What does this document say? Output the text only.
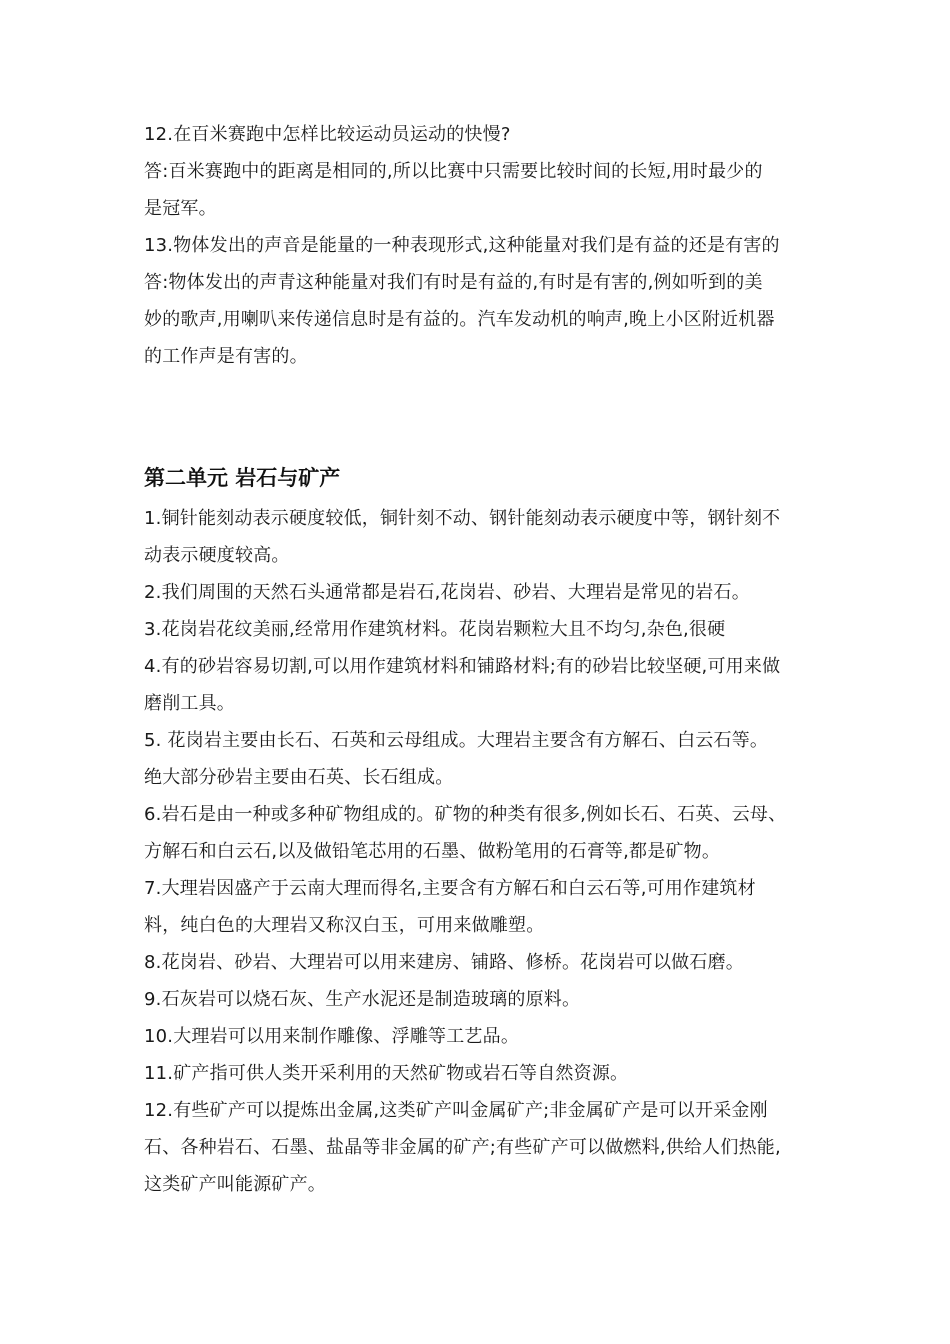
12.在百米赛跑中怎样比较运动员运动的快慢?
答:百米赛跑中的距离是相同的,所以比赛中只需要比较时间的长短,用时最少的
是冠军。
13.物体发出的声音是能量的一种表现形式,这种能量对我们是有益的还是有害的
答:物体发出的声青这种能量对我们有时是有益的,有时是有害的,例如听到的美
妙的歌声,用喇叭来传递信息时是有益的。汽车发动机的响声,晚上小区附近机器
的工作声是有害的。
第二单元 岩石与矿产
1.铜针能刻动表示硬度较低，铜针刻不动、钢针能刻动表示硬度中等，钢针刻不
动表示硬度较高。
2.我们周围的天然石头通常都是岩石,花岗岩、砂岩、大理岩是常见的岩石。
3.花岗岩花纹美丽,经常用作建筑材料。花岗岩颗粒大且不均匀,杂色,很硬
4.有的砂岩容易切割,可以用作建筑材料和铺路材料;有的砂岩比较坚硬,可用来做
磨削工具。
5. 花岗岩主要由长石、石英和云母组成。大理岩主要含有方解石、白云石等。
绝大部分砂岩主要由石英、长石组成。
6.岩石是由一种或多种矿物组成的。矿物的种类有很多,例如长石、石英、云母、
方解石和白云石,以及做铅笔芯用的石墨、做粉笔用的石膏等,都是矿物。
7.大理岩因盛产于云南大理而得名,主要含有方解石和白云石等,可用作建筑材
料，纯白色的大理岩又称汉白玉，可用来做雕塑。
8.花岗岩、砂岩、大理岩可以用来建房、铺路、修桥。花岗岩可以做石磨。
9.石灰岩可以烧石灰、生产水泥还是制造玻璃的原料。
10.大理岩可以用来制作雕像、浮雕等工艺品。
11.矿产指可供人类开采利用的天然矿物或岩石等自然资源。
12.有些矿产可以提炼出金属,这类矿产叫金属矿产;非金属矿产是可以开采金刚
石、各种岩石、石墨、盐晶等非金属的矿产;有些矿产可以做燃料,供给人们热能,
这类矿产叫能源矿产。
